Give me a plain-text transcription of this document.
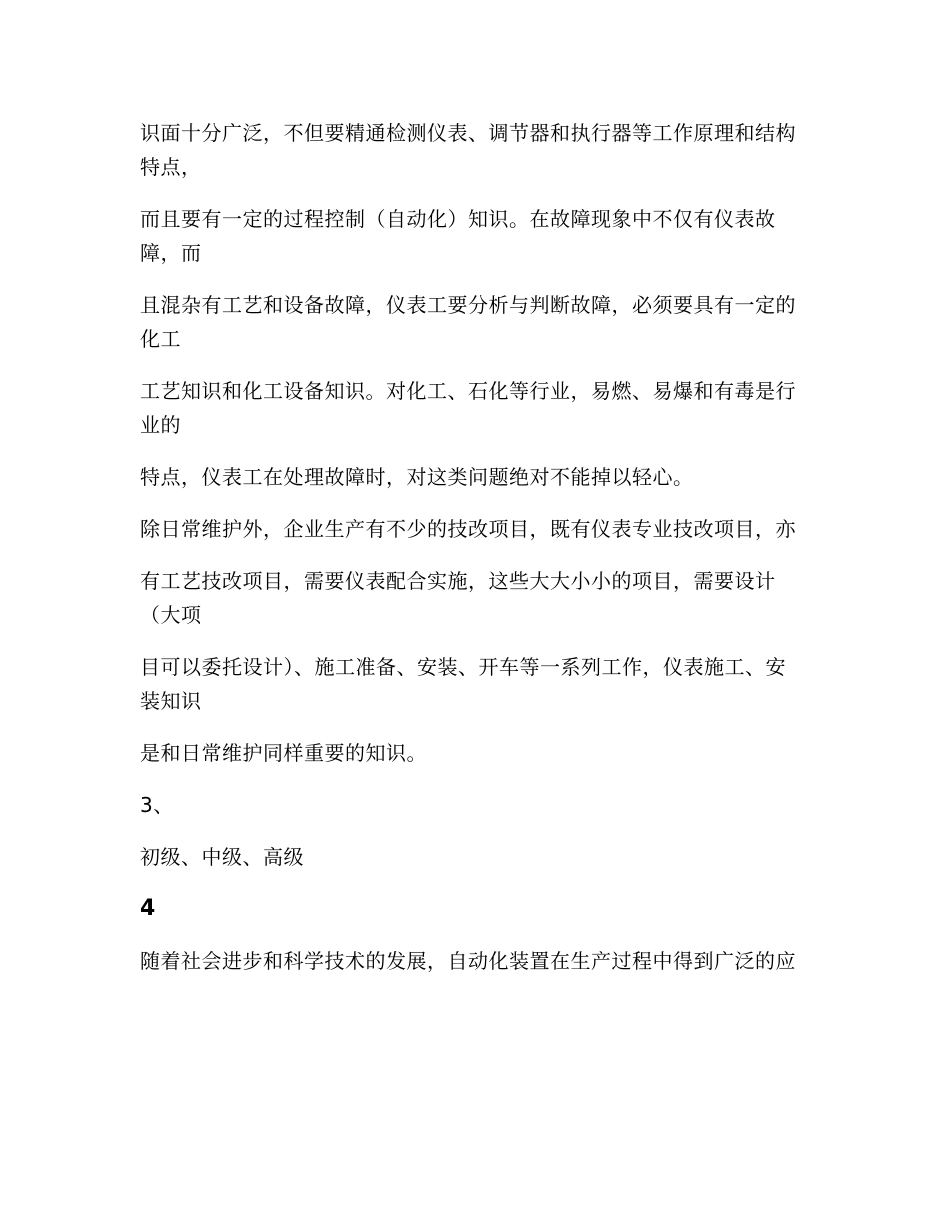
识面十分广泛，不但要精通检测仪表、调节器和执行器等工作原理和结构特点，

而且要有一定的过程控制（自动化）知识。在故障现象中不仅有仪表故障，而

且混杂有工艺和设备故障，仪表工要分析与判断故障，必须要具有一定的化工

工艺知识和化工设备知识。对化工、石化等行业，易燃、易爆和有毒是行业的

特点，仪表工在处理故障时，对这类问题绝对不能掉以轻心。

除日常维护外，企业生产有不少的技改项目，既有仪表专业技改项目，亦

有工艺技改项目，需要仪表配合实施，这些大大小小的项目，需要设计（大项

目可以委托设计）、施工准备、安装、开车等一系列工作，仪表施工、安装知识

是和日常维护同样重要的知识。

3、

初级、中级、高级

4

随着社会进步和科学技术的发展，自动化装置在生产过程中得到广泛的应
